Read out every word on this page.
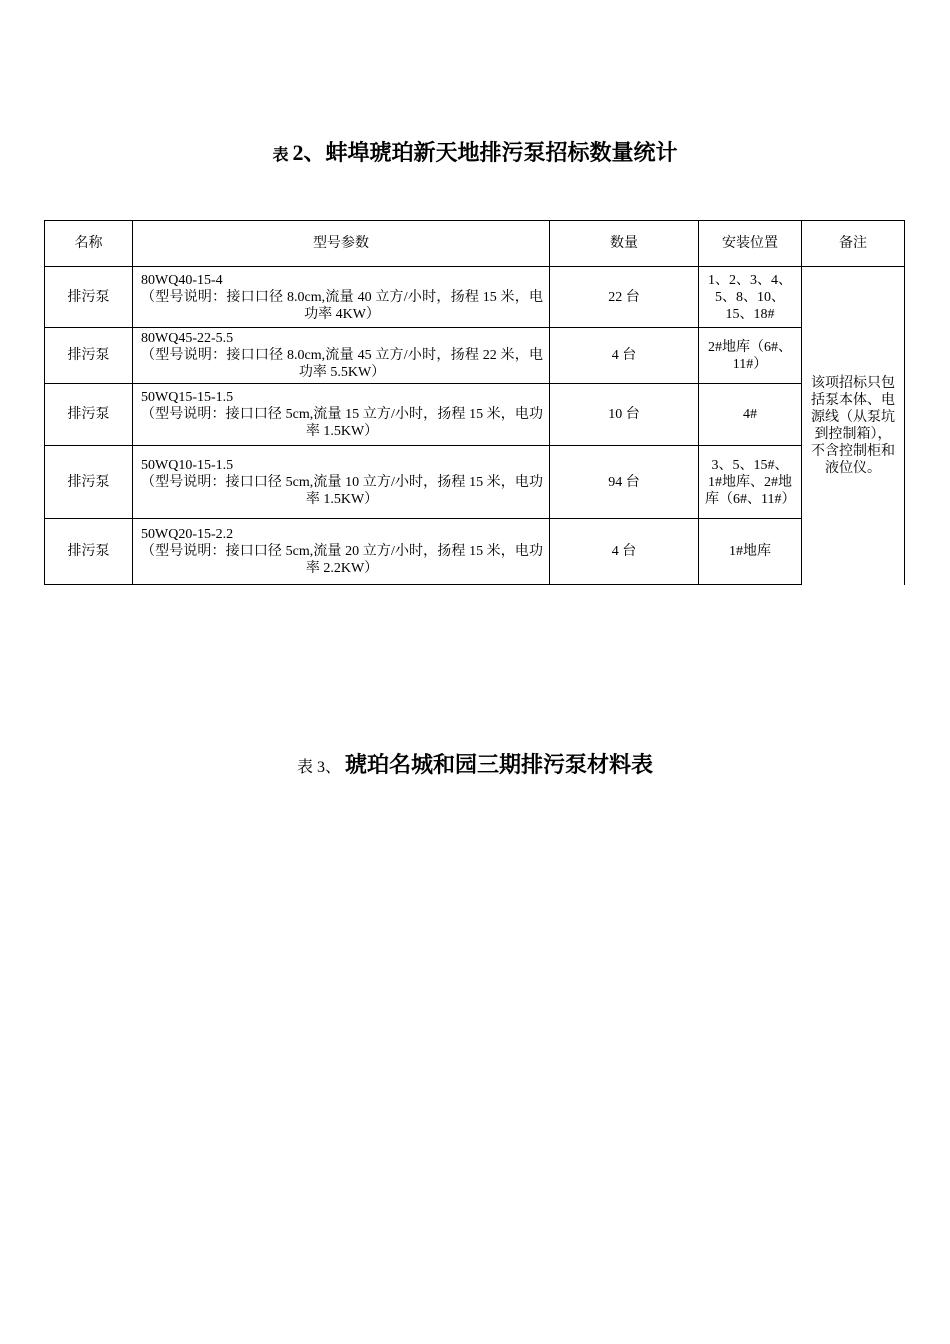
表 2、蚌埠琥珀新天地排污泵招标数量统计
名称	型号参数	数量	安装位置	备注
排污泵	80WQ40-15-4
（型号说明：接口口径 8.0cm,流量 40 立方/小时，扬程 15 米，电功率 4KW）	22 台	1、2、3、4、5、8、10、15、18#	该项招标只包括泵本体、电源线（从泵坑到控制箱），不含控制柜和液位仪。
排污泵	80WQ45-22-5.5
（型号说明：接口口径 8.0cm,流量 45 立方/小时，扬程 22 米，电功率 5.5KW）	4 台	2#地库（6#、11#）	
排污泵	50WQ15-15-1.5
（型号说明：接口口径 5cm,流量 15 立方/小时，扬程 15 米，电功率 1.5KW）	10 台	4#	
排污泵	50WQ10-15-1.5
（型号说明：接口口径 5cm,流量 10 立方/小时，扬程 15 米，电功率 1.5KW）	94 台	3、5、15#、1#地库、2#地库（6#、11#）	
排污泵	50WQ20-15-2.2
（型号说明：接口口径 5cm,流量 20 立方/小时，扬程 15 米，电功率 2.2KW）	4 台	1#地库	
表 3、 琥珀名城和园三期排污泵材料表
